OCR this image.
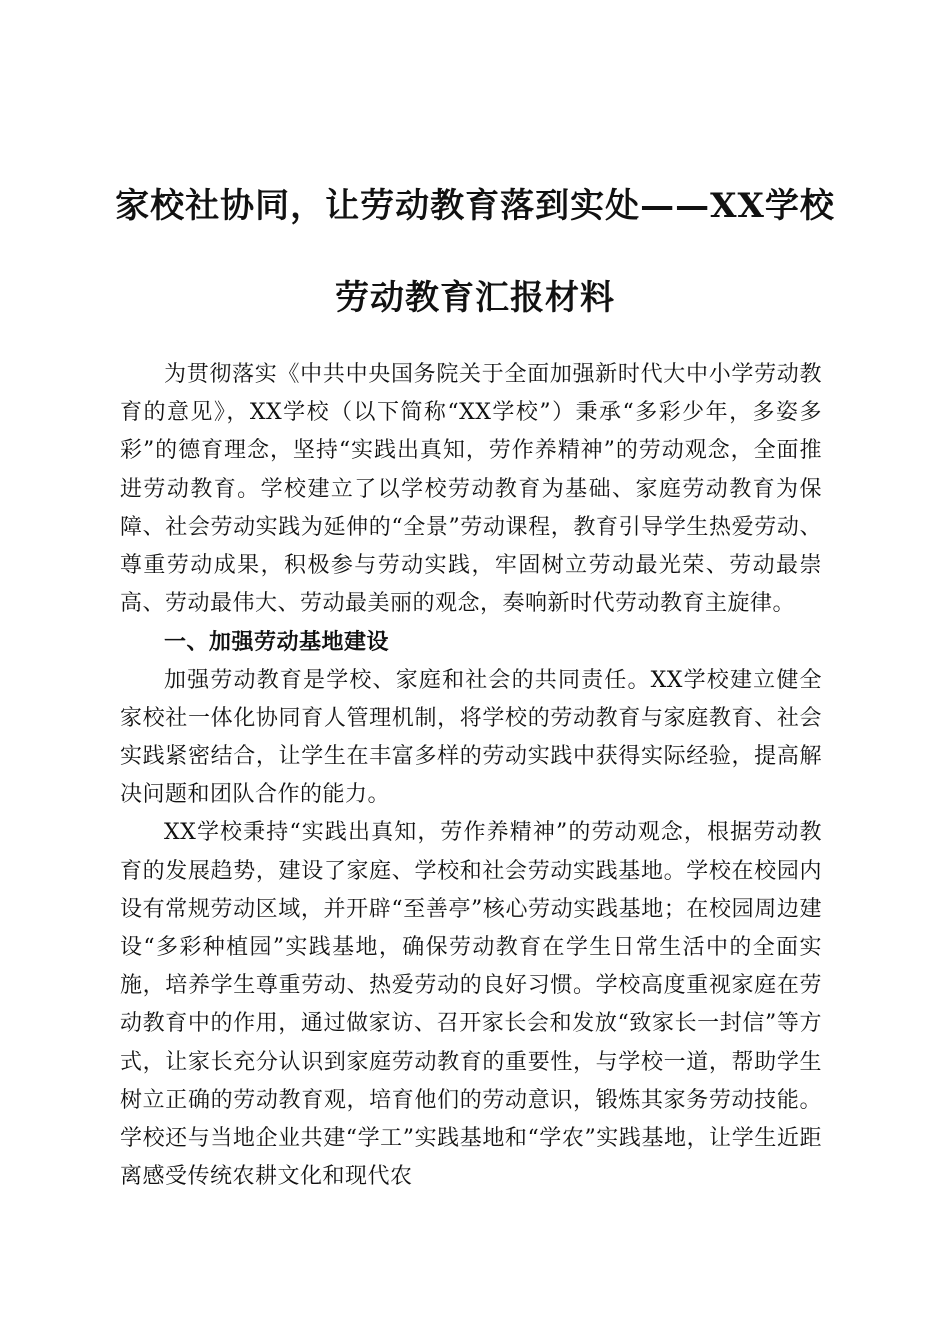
家校社协同，让劳动教育落到实处——XX学校劳动教育汇报材料

为贯彻落实《中共中央国务院关于全面加强新时代大中小学劳动教育的意见》，XX学校（以下简称“XX学校”）秉承“多彩少年，多姿多彩”的德育理念，坚持“实践出真知，劳作养精神”的劳动观念，全面推进劳动教育。学校建立了以学校劳动教育为基础、家庭劳动教育为保障、社会劳动实践为延伸的“全景”劳动课程，教育引导学生热爱劳动、尊重劳动成果，积极参与劳动实践，牢固树立劳动最光荣、劳动最崇高、劳动最伟大、劳动最美丽的观念，奏响新时代劳动教育主旋律。

一、加强劳动基地建设

加强劳动教育是学校、家庭和社会的共同责任。XX学校建立健全家校社一体化协同育人管理机制，将学校的劳动教育与家庭教育、社会实践紧密结合，让学生在丰富多样的劳动实践中获得实际经验，提高解决问题和团队合作的能力。

XX学校秉持“实践出真知，劳作养精神”的劳动观念，根据劳动教育的发展趋势，建设了家庭、学校和社会劳动实践基地。学校在校园内设有常规劳动区域，并开辟“至善亭”核心劳动实践基地；在校园周边建设“多彩种植园”实践基地，确保劳动教育在学生日常生活中的全面实施，培养学生尊重劳动、热爱劳动的良好习惯。学校高度重视家庭在劳动教育中的作用，通过做家访、召开家长会和发放“致家长一封信”等方式，让家长充分认识到家庭劳动教育的重要性，与学校一道，帮助学生树立正确的劳动教育观，培育他们的劳动意识，锻炼其家务劳动技能。学校还与当地企业共建“学工”实践基地和“学农”实践基地，让学生近距离感受传统农耕文化和现代农
